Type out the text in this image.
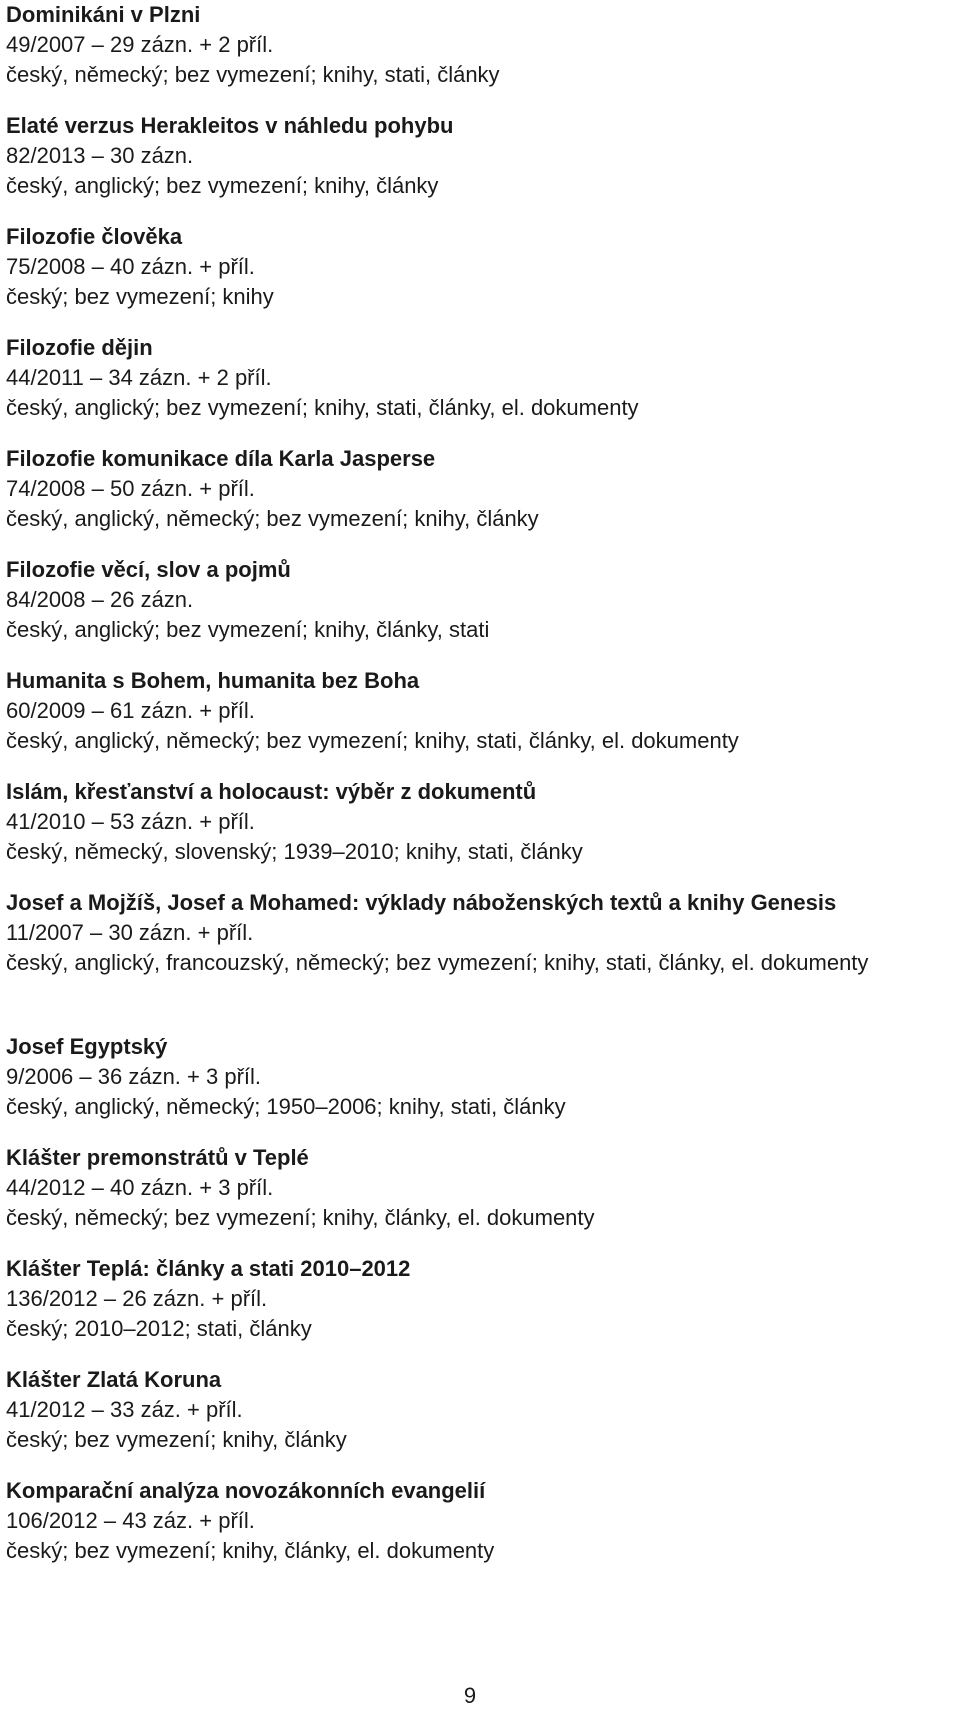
Dominikáni v Plzni
49/2007 – 29 zázn. + 2 příl.
český, německý; bez vymezení; knihy, stati, články
Elaté verzus Herakleitos v náhledu pohybu
82/2013 – 30 zázn.
český, anglický; bez vymezení; knihy, články
Filozofie člověka
75/2008 – 40 zázn. + příl.
český; bez vymezení; knihy
Filozofie dějin
44/2011 – 34 zázn. + 2 příl.
český, anglický; bez vymezení; knihy, stati, články, el. dokumenty
Filozofie komunikace díla Karla Jasperse
74/2008 – 50 zázn. + příl.
český, anglický, německý; bez vymezení; knihy, články
Filozofie věcí, slov a pojmů
84/2008 – 26 zázn.
český, anglický; bez vymezení; knihy, články, stati
Humanita s Bohem, humanita bez Boha
60/2009 – 61 zázn. + příl.
český, anglický, německý; bez vymezení; knihy, stati, články, el. dokumenty
Islám, křesťanství a holocaust: výběr z dokumentů
41/2010 – 53 zázn. + příl.
český, německý, slovenský; 1939–2010; knihy, stati, články
Josef a Mojžíš, Josef a Mohamed: výklady náboženských textů a knihy Genesis
11/2007 – 30 zázn. + příl.
český, anglický, francouzský, německý; bez vymezení; knihy, stati, články, el. dokumenty
Josef Egyptský
9/2006 – 36 zázn. + 3 příl.
český, anglický, německý; 1950–2006; knihy, stati, články
Klášter premonstrátů v Teplé
44/2012 – 40 zázn. + 3 příl.
český, německý; bez vymezení; knihy, články, el. dokumenty
Klášter Teplá: články a stati 2010–2012
136/2012 – 26 zázn. + příl.
český; 2010–2012; stati, články
Klášter Zlatá Koruna
41/2012 – 33 záz. + příl.
český; bez vymezení; knihy, články
Komparační analýza novozákonních evangelií
106/2012 – 43 záz. + příl.
český; bez vymezení; knihy, články, el. dokumenty
9
